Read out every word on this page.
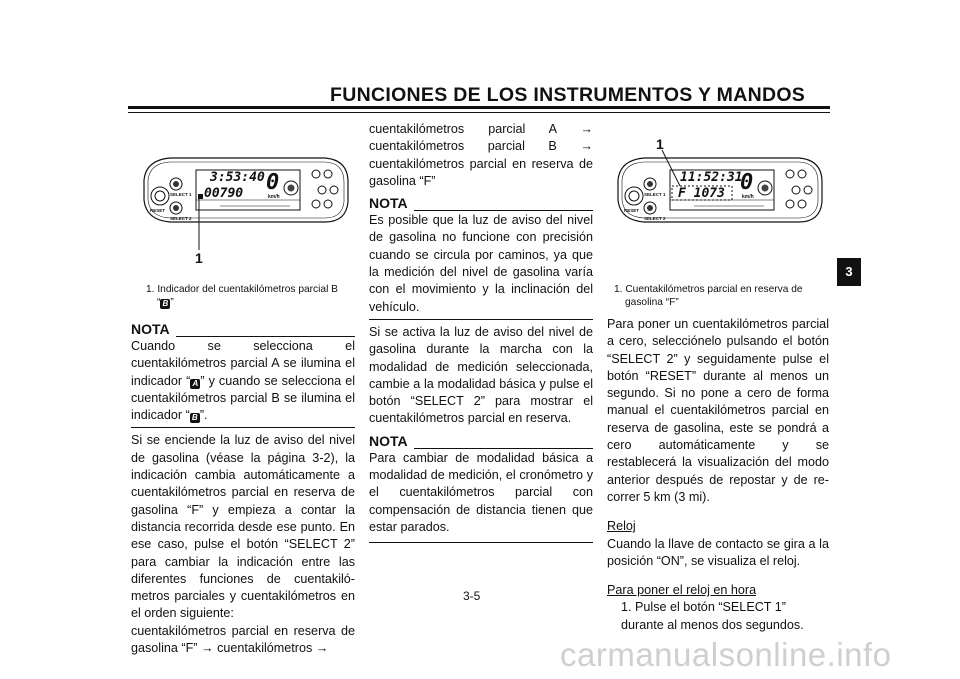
FUNCIONES DE LOS INSTRUMENTOS Y MANDOS
3:53:40
00790 0
km/h
SELECT 1
SELECT 2
RESET
1
1. Indicador del cuentakilómetros parcial B
“ B ”
NOTA

Cuando se selecciona el cuentakilómetros parcial A se ilumina el indicador “ A ” y cuando se selecciona el cuentakilómetros parcial B se ilumina el indicador “ B ”.

Si se enciende la luz de aviso del nivel de gasolina (véase la página 3-2), la indicación cambia automáticamente a cuentakilómetros parcial en reserva de gasolina “F” y empieza a contar la distancia recorrida desde ese punto. En ese caso, pulse el botón “SELECT 2” para cambiar la indicación entre las diferentes funciones de cuentakilómetros parciales y cuentakilómetros en el orden siguiente:

cuentakilómetros parcial en reserva de gasolina “F” → cuentakilómetros →

cuentakilómetros parcial A → cuentakilómetros parcial B → cuentakilómetros parcial en reserva de gasolina “F”

NOTA

Es posible que la luz de aviso del nivel de gasolina no funcione con precisión cuando se circula por caminos, ya que la medición del nivel de gasolina varía con el movimiento y la inclinación del vehículo.

Si se activa la luz de aviso del nivel de gasolina durante la marcha con la modalidad de medición seleccionada, cambie a la modalidad básica y pulse el botón “SELECT 2” para mostrar el cuentakilómetros parcial en reserva.

NOTA

Para cambiar de modalidad básica a modalidad de medición, el cronómetro y el cuentakilómetros parcial con compensación de distancia tienen que estar parados.

11:52:31
F 1073 0
km/h
SELECT 1
SELECT 2
RESET
1
1. Cuentakilómetros parcial en reserva de
gasolina “F”

Para poner un cuentakilómetros parcial a cero, selecciónelo pulsando el botón “SELECT 2” y seguidamente pulse el botón “RESET” durante al menos un segundo. Si no pone a cero de forma manual el cuentakilómetros parcial en reserva de gasolina, este se pondrá a cero automáticamente y se restablecerá la visualización del modo anterior después de repostar y de recorrer 5 km (3 mi).

Reloj

Cuando la llave de contacto se gira a la posición “ON”, se visualiza el reloj.

Para poner el reloj en hora

1. Pulse el botón “SELECT 1” durante al menos dos segundos.

3
3-5
carmanualsonline.info
